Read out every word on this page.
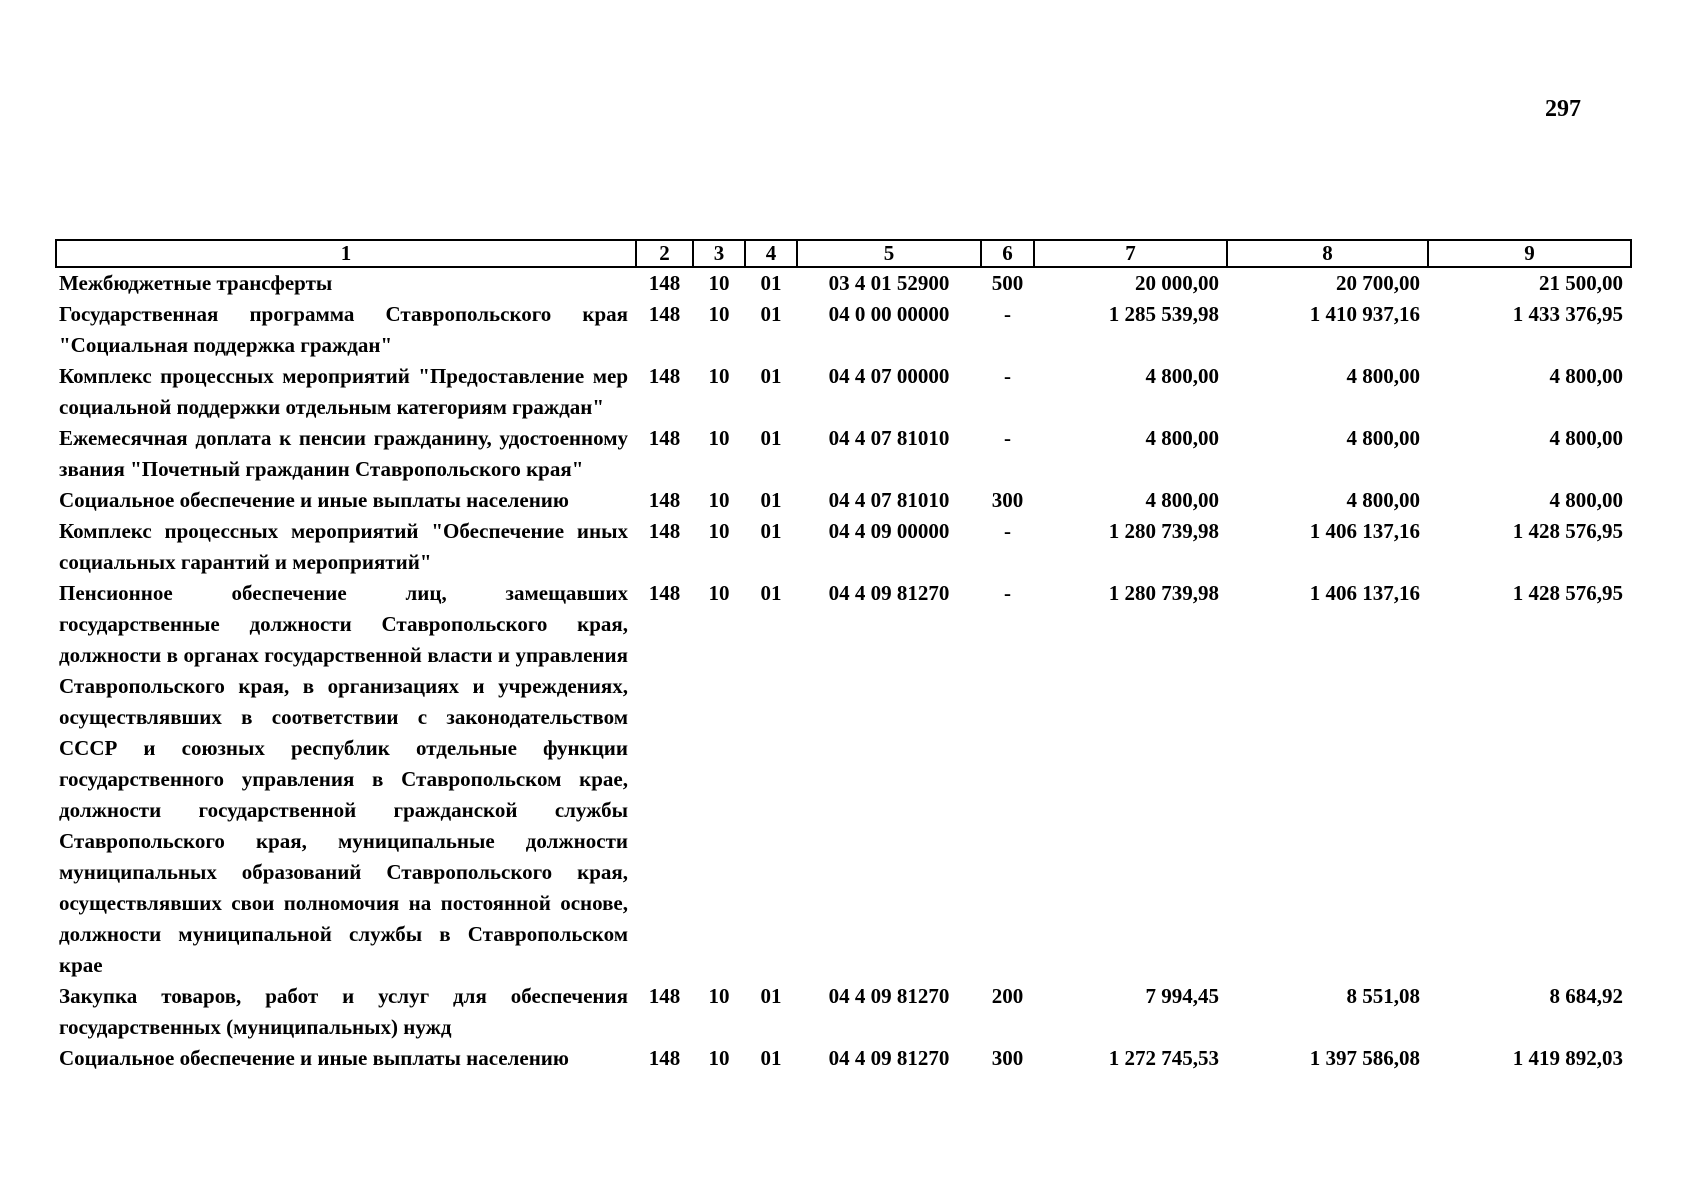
297
1	2	3	4	5	6	7	8	9
Межбюджетные трансферты	148	10	01	03 4 01 52900	500	20 000,00	20 700,00	21 500,00
Государственная программа Ставропольского края "Социальная поддержка граждан"	148	10	01	04 0 00 00000	-	1 285 539,98	1 410 937,16	1 433 376,95
Комплекс процессных мероприятий "Предоставление мер социальной поддержки отдельным категориям граждан"	148	10	01	04 4 07 00000	-	4 800,00	4 800,00	4 800,00
Ежемесячная доплата к пенсии гражданину, удостоенному звания "Почетный гражданин Ставропольского края"	148	10	01	04 4 07 81010	-	4 800,00	4 800,00	4 800,00
Социальное обеспечение и иные выплаты населению	148	10	01	04 4 07 81010	300	4 800,00	4 800,00	4 800,00
Комплекс процессных мероприятий "Обеспечение иных социальных гарантий и мероприятий"	148	10	01	04 4 09 00000	-	1 280 739,98	1 406 137,16	1 428 576,95
Пенсионное обеспечение лиц, замещавших государственные должности Ставропольского края, должности в органах государственной власти и управления Ставропольского края, в организациях и учреждениях, осуществлявших в соответствии с законодательством СССР и союзных республик отдельные функции государственного управления в Ставропольском крае, должности государственной гражданской службы Ставропольского края, муниципальные должности муниципальных образований Ставропольского края, осуществлявших свои полномочия на постоянной основе, должности муниципальной службы в Ставропольском крае	148	10	01	04 4 09 81270	-	1 280 739,98	1 406 137,16	1 428 576,95
Закупка товаров, работ и услуг для обеспечения государственных (муниципальных) нужд	148	10	01	04 4 09 81270	200	7 994,45	8 551,08	8 684,92
Социальное обеспечение и иные выплаты населению	148	10	01	04 4 09 81270	300	1 272 745,53	1 397 586,08	1 419 892,03
